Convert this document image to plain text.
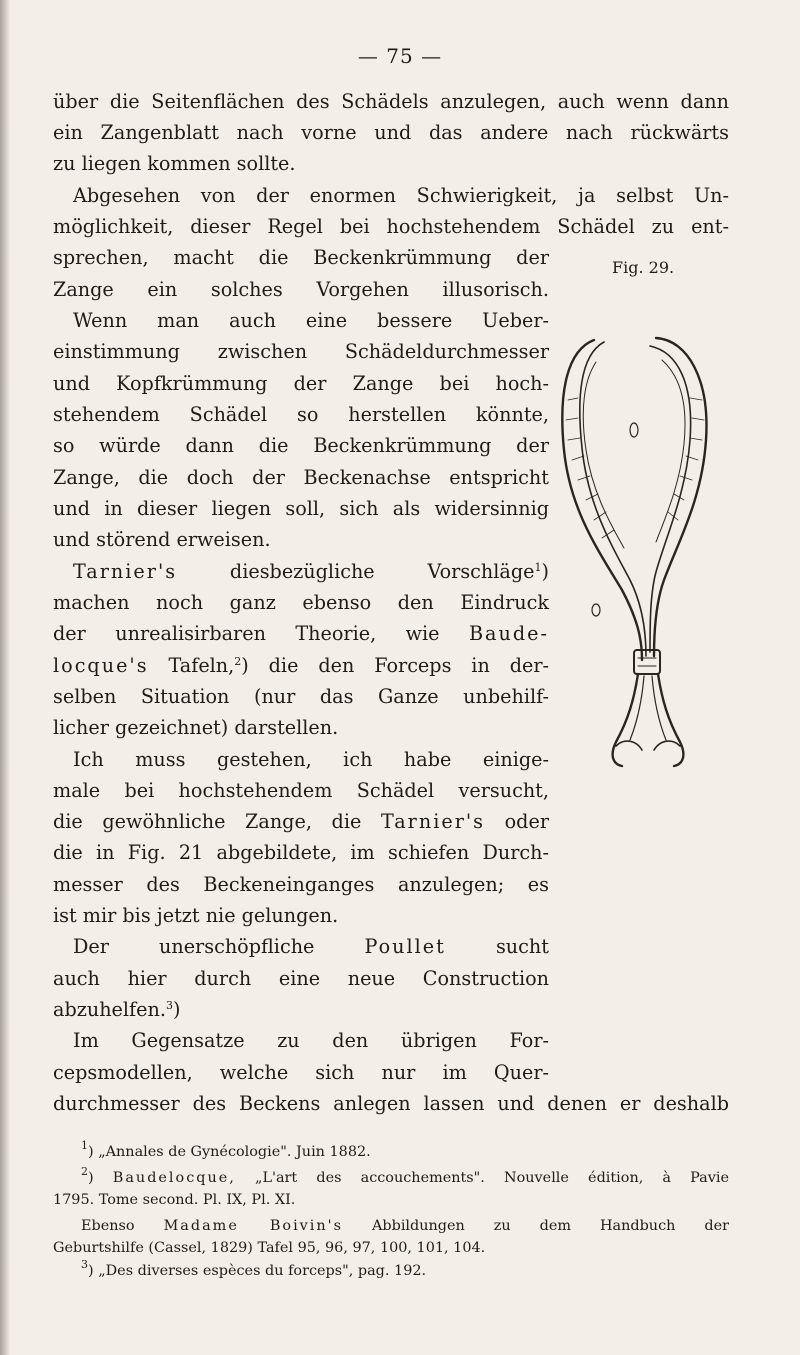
— 75 —
über die Seitenflächen des Schädels anzulegen, auch wenn dann
ein Zangenblatt nach vorne und das andere nach rückwärts
zu liegen kommen sollte.
Abgesehen von der enormen Schwierigkeit, ja selbst Un-
möglichkeit, dieser Regel bei hochstehendem Schädel zu ent-
sprechen, macht die Beckenkrümmung der
Zange ein solches Vorgehen illusorisch.
Wenn man auch eine bessere Ueber-
einstimmung zwischen Schädeldurchmesser
und Kopfkrümmung der Zange bei hoch-
stehendem Schädel so herstellen könnte,
so würde dann die Beckenkrümmung der
Zange, die doch der Beckenachse entspricht
und in dieser liegen soll, sich als widersinnig
und störend erweisen.
Tarnier's	diesbezügliche Vorschläge$^1$)
machen noch ganz ebenso den Eindruck
der unrealisirbaren Theorie, wie Baude-
locque's Tafeln,$^2$) die den Forceps in der-
selben Situation (nur das Ganze unbehilf-
licher gezeichnet) darstellen.
Ich muss gestehen, ich habe einige-
male bei hochstehendem Schädel versucht,
die gewöhnliche Zange, die Tarnier's oder
die in Fig. 21 abgebildete, im schiefen Durch-
messer des Beckeneinganges anzulegen; es
ist mir bis jetzt nie gelungen.
Der unerschöpfliche	Poullet	sucht
auch hier durch eine neue Construction
abzuhelfen.$^3$)
Im Gegensatze zu den übrigen For-
cepsmodellen, welche sich nur im Quer-
durchmesser des Beckens anlegen lassen und denen er deshalb
Fig. 29.
$^1$) „Annales de Gynécologie". Juin 1882.
$^2$) Baudelocque, „L'art des accouchements". Nouvelle édition, à Pavie
1795. Tome second. Pl. IX, Pl. XI.
Ebenso Madame Boivin's Abbildungen zu dem Handbuch der
Geburtshilfe (Cassel, 1829) Tafel 95, 96, 97, 100, 101, 104.
$^3$) „Des diverses espèces du forceps", pag. 192.
